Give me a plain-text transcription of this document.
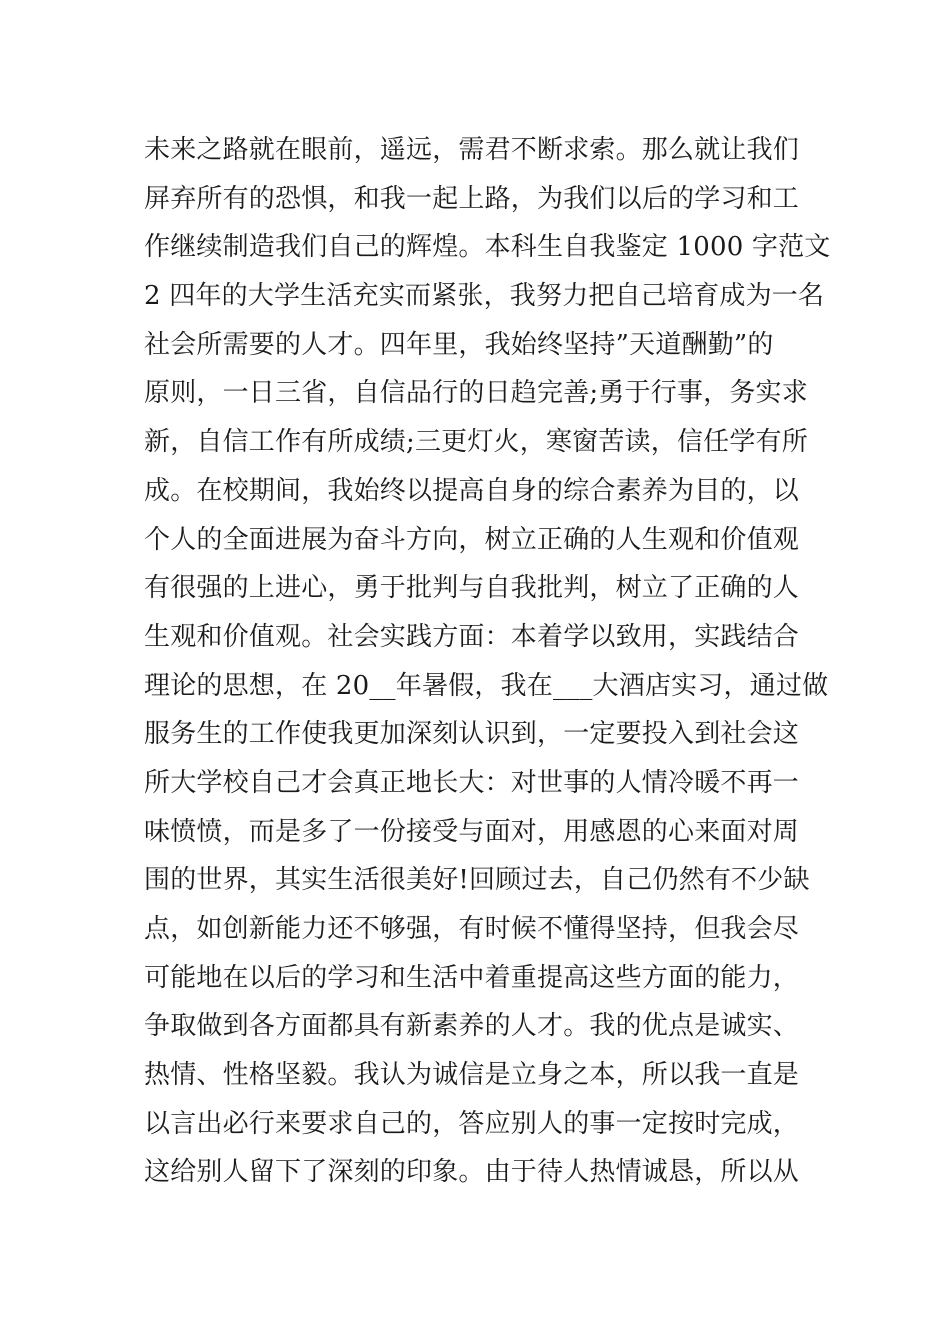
未来之路就在眼前，遥远，需君不断求索。那么就让我们
屏弃所有的恐惧，和我一起上路，为我们以后的学习和工
作继续制造我们自己的辉煌。本科生自我鉴定 1000 字范文
2 四年的大学生活充实而紧张，我努力把自己培育成为一名
社会所需要的人才。四年里，我始终坚持”天道酬勤”的
原则，一日三省，自信品行的日趋完善;勇于行事，务实求
新，自信工作有所成绩;三更灯火，寒窗苦读，信任学有所
成。在校期间，我始终以提高自身的综合素养为目的，以
个人的全面进展为奋斗方向，树立正确的人生观和价值观
有很强的上进心，勇于批判与自我批判，树立了正确的人
生观和价值观。社会实践方面：本着学以致用，实践结合
理论的思想，在 20__年暑假，我在___大酒店实习，通过做
服务生的工作使我更加深刻认识到，一定要投入到社会这
所大学校自己才会真正地长大：对世事的人情冷暖不再一
味愤愤，而是多了一份接受与面对，用感恩的心来面对周
围的世界，其实生活很美好!回顾过去，自己仍然有不少缺
点，如创新能力还不够强，有时候不懂得坚持，但我会尽
可能地在以后的学习和生活中着重提高这些方面的能力，
争取做到各方面都具有新素养的人才。我的优点是诚实、
热情、性格坚毅。我认为诚信是立身之本，所以我一直是
以言出必行来要求自己的，答应别人的事一定按时完成，
这给别人留下了深刻的印象。由于待人热情诚恳，所以从
